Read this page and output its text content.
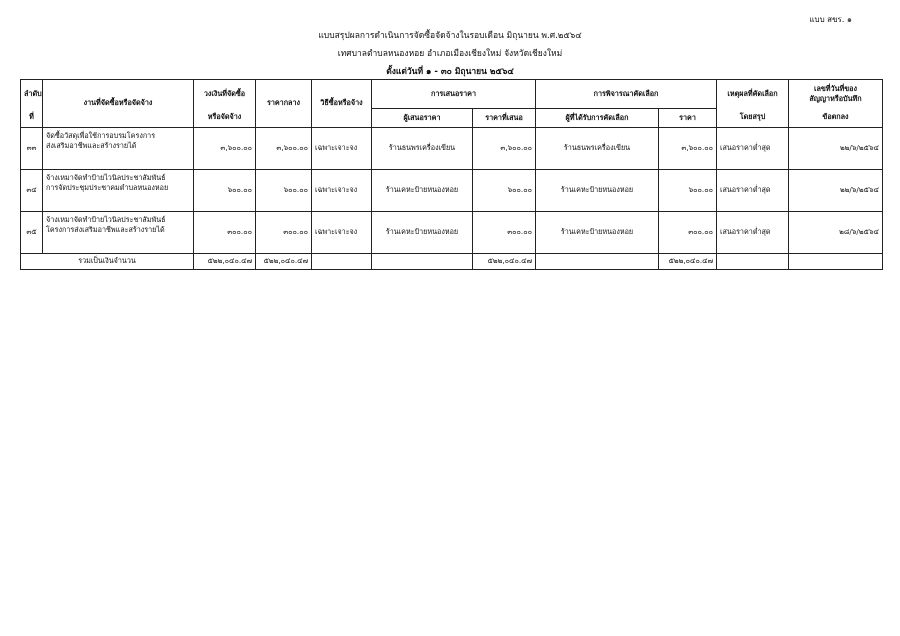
แบบ สขร. ๑
แบบสรุปผลการดำเนินการจัดซื้อจัดจ้างในรอบเดือน มิถุนายน พ.ศ.๒๕๖๔
เทศบาลตำบลหนองหอย อำเภอเมืองเชียงใหม่ จังหวัดเชียงใหม่
ตั้งแต่วันที่ ๑ - ๓๐ มิถุนายน ๒๕๖๔
ลำดับ	งานที่จัดซื้อหรือจัดจ้าง	วงเงินที่จัดซื้อ	ราคากลาง	วิธีซื้อหรือจ้าง	การเสนอราคา		การพิจารณาคัดเลือก		เหตุผลที่คัดเลือก	เลขที่วันที่ของ
สัญญาหรือบันทึก
ที่		หรือจัดจ้าง			ผู้เสนอราคา	ราคาที่เสนอ	ผู้ที่ได้รับการคัดเลือก	ราคา	โดยสรุป	ข้อตกลง
๓๓	จัดซื้อวัสดุเพื่อใช้การอบรมโครงการ
ส่งเสริมอาชีพและสร้างรายได้	๓,๖๐๐.๐๐	๓,๖๐๐.๐๐	เฉพาะเจาะจง	ร้านธนพรเครื่องเขียน	๓,๖๐๐.๐๐	ร้านธนพรเครื่องเขียน	๓,๖๐๐.๐๐	เสนอราคาต่ำสุด	๒๒/๖/๒๕๖๔
๓๔	จ้างเหมาจัดทำป้ายไวนิลประชาสัมพันธ์
การจัดประชุมประชาคมตำบลหนองหอย	๖๐๐.๐๐	๖๐๐.๐๐	เฉพาะเจาะจง	ร้านเคหะป้ายหนองหอย	๖๐๐.๐๐	ร้านเคหะป้ายหนองหอย	๖๐๐.๐๐	เสนอราคาต่ำสุด	๒๒/๖/๒๕๖๔
๓๕	จ้างเหมาจัดทำป้ายไวนิลประชาสัมพันธ์
โครงการส่งเสริมอาชีพและสร้างรายได้	๓๐๐.๐๐	๓๐๐.๐๐	เฉพาะเจาะจง	ร้านเคหะป้ายหนองหอย	๓๐๐.๐๐	ร้านเคหะป้ายหนองหอย	๓๐๐.๐๐	เสนอราคาต่ำสุด	๒๘/๖/๒๕๖๔
รวมเป็นเงินจำนวน		๕๒๒,๐๔๐.๔๗	๕๒๒,๐๔๐.๔๗			๕๒๒,๐๔๐.๔๗		๕๒๒,๐๔๐.๔๗		
